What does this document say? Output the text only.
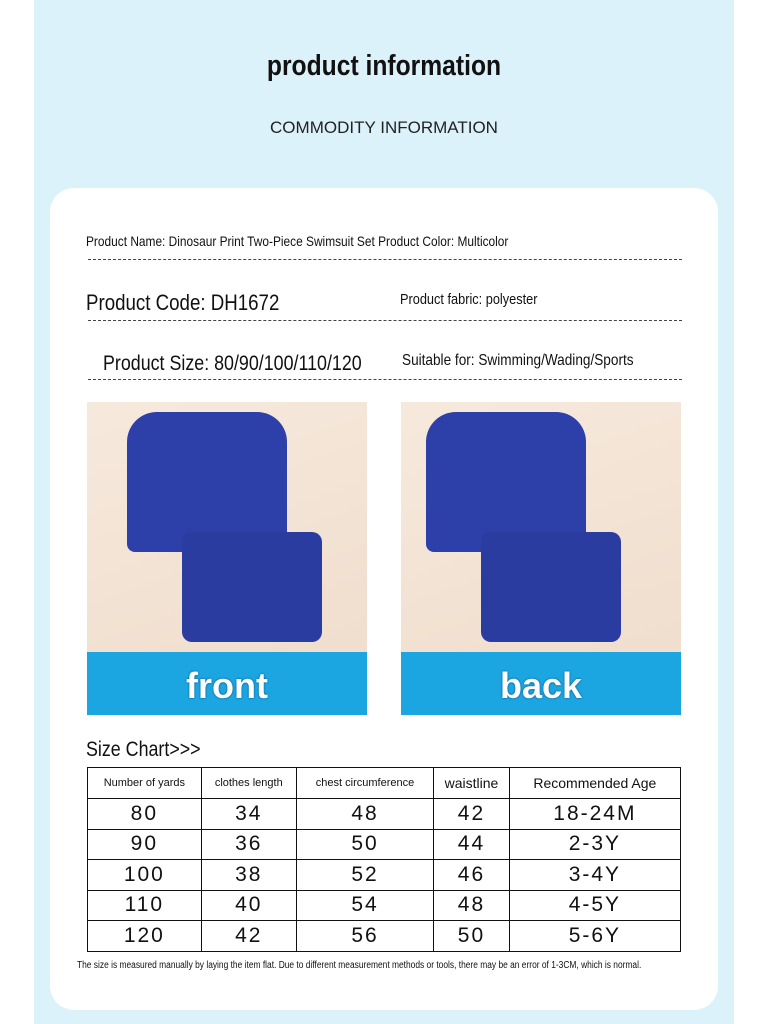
product information
COMMODITY INFORMATION
Product Name: Dinosaur Print Two-Piece Swimsuit Set Product Color: Multicolor
Product Code: DH1672	Product fabric: polyester
Product Size: 80/90/100/110/120	Suitable for: Swimming/Wading/Sports
front	back
Size Chart>>>
Number of yards	clothes length	chest circumference	waistline	Recommended Age
80	34	48	42	18-24M
90	36	50	44	2-3Y
100	38	52	46	3-4Y
110	40	54	48	4-5Y
120	42	56	50	5-6Y
The size is measured manually by laying the item flat. Due to different measurement methods or tools, there may be an error of 1-3CM, which is normal.
